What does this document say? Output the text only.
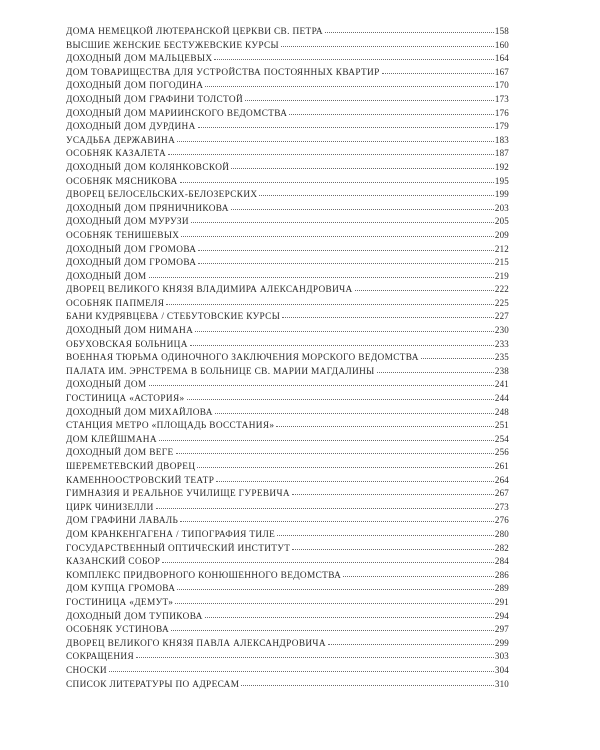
ДОМА НЕМЕЦКОЙ ЛЮТЕРАНСКОЙ ЦЕРКВИ СВ. ПЕТРА	158
ВЫСШИЕ ЖЕНСКИЕ БЕСТУЖЕВСКИЕ КУРСЫ	160
ДОХОДНЫЙ ДОМ МАЛЬЦЕВЫХ	164
ДОМ ТОВАРИЩЕСТВА ДЛЯ УСТРОЙСТВА ПОСТОЯННЫХ КВАРТИР	167
ДОХОДНЫЙ ДОМ ПОГОДИНА	170
ДОХОДНЫЙ ДОМ ГРАФИНИ ТОЛСТОЙ	173
ДОХОДНЫЙ ДОМ МАРИИНСКОГО ВЕДОМСТВА	176
ДОХОДНЫЙ ДОМ ДУРДИНА	179
УСАДЬБА ДЕРЖАВИНА	183
ОСОБНЯК КАЗАЛЕТА	187
ДОХОДНЫЙ ДОМ КОЛЯНКОВСКОЙ	192
ОСОБНЯК МЯСНИКОВА	195
ДВОРЕЦ БЕЛОСЕЛЬСКИХ-БЕЛОЗЕРСКИХ	199
ДОХОДНЫЙ ДОМ ПРЯНИЧНИКОВА	203
ДОХОДНЫЙ ДОМ МУРУЗИ	205
ОСОБНЯК ТЕНИШЕВЫХ	209
ДОХОДНЫЙ ДОМ ГРОМОВА	212
ДОХОДНЫЙ ДОМ ГРОМОВА	215
ДОХОДНЫЙ ДОМ	219
ДВОРЕЦ ВЕЛИКОГО КНЯЗЯ ВЛАДИМИРА АЛЕКСАНДРОВИЧА	222
ОСОБНЯК ПАПМЕЛЯ	225
БАНИ КУДРЯВЦЕВА / СТЕБУТОВСКИЕ КУРСЫ	227
ДОХОДНЫЙ ДОМ НИМАНА	230
ОБУХОВСКАЯ БОЛЬНИЦА	233
ВОЕННАЯ ТЮРЬМА ОДИНОЧНОГО ЗАКЛЮЧЕНИЯ МОРСКОГО ВЕДОМСТВА	235
ПАЛАТА ИМ. ЭРНСТРЕМА В БОЛЬНИЦЕ СВ. МАРИИ МАГДАЛИНЫ	238
ДОХОДНЫЙ ДОМ	241
ГОСТИНИЦА «АСТОРИЯ»	244
ДОХОДНЫЙ ДОМ МИХАЙЛОВА	248
СТАНЦИЯ МЕТРО «ПЛОЩАДЬ ВОССТАНИЯ»	251
ДОМ КЛЕЙШМАНА	254
ДОХОДНЫЙ ДОМ ВЕГЕ	256
ШЕРЕМЕТЕВСКИЙ ДВОРЕЦ	261
КАМЕННООСТРОВСКИЙ ТЕАТР	264
ГИМНАЗИЯ И РЕАЛЬНОЕ УЧИЛИЩЕ ГУРЕВИЧА	267
ЦИРК ЧИНИЗЕЛЛИ	273
ДОМ ГРАФИНИ ЛАВАЛЬ	276
ДОМ КРАНКЕНГАГЕНА / ТИПОГРАФИЯ ТИЛЕ	280
ГОСУДАРСТВЕННЫЙ ОПТИЧЕСКИЙ ИНСТИТУТ	282
КАЗАНСКИЙ СОБОР	284
КОМПЛЕКС ПРИДВОРНОГО КОНЮШЕННОГО ВЕДОМСТВА	286
ДОМ КУПЦА ГРОМОВА	289
ГОСТИНИЦА «ДЕМУТ»	291
ДОХОДНЫЙ ДОМ ТУПИКОВА	294
ОСОБНЯК УСТИНОВА	297
ДВОРЕЦ ВЕЛИКОГО КНЯЗЯ ПАВЛА АЛЕКСАНДРОВИЧА	299
СОКРАЩЕНИЯ	303
СНОСКИ	304
СПИСОК ЛИТЕРАТУРЫ ПО АДРЕСАМ	310
